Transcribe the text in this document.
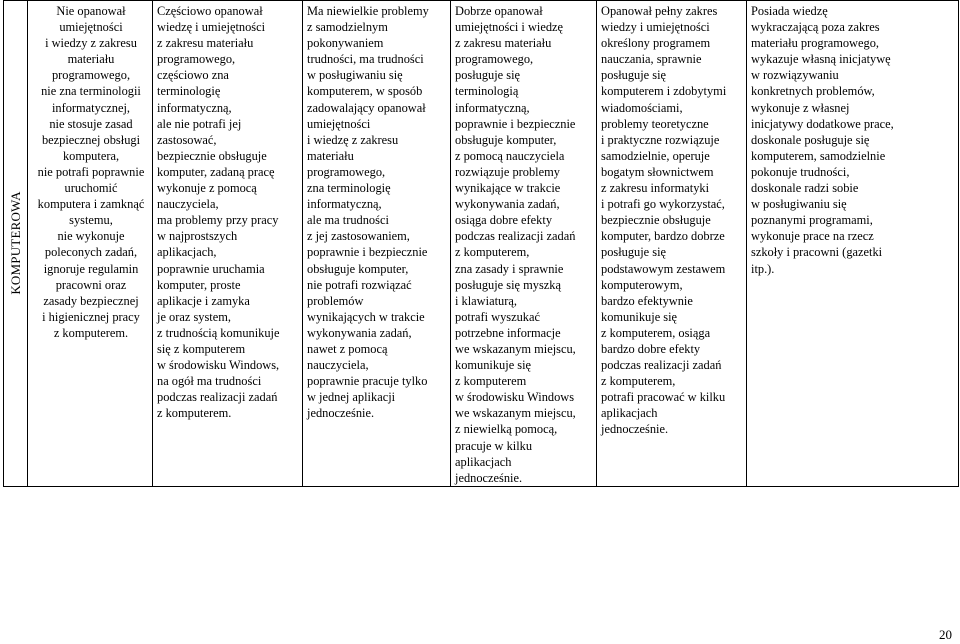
KOMPUTEROWA

Nie opanował
umiejętności
i wiedzy z zakresu
materiału
programowego,
nie zna terminologii
informatycznej,
nie stosuje zasad
bezpiecznej obsługi
komputera,
nie potrafi poprawnie
uruchomić
komputera i zamknąć
systemu,
nie wykonuje
poleconych zadań,
ignoruje regulamin
pracowni oraz
zasady bezpiecznej
i higienicznej pracy
z komputerem.

Częściowo opanował
wiedzę i umiejętności
z zakresu materiału
programowego,
częściowo zna
terminologię
informatyczną,
ale nie potrafi jej
zastosować,
bezpiecznie obsługuje
komputer, zadaną pracę
wykonuje z pomocą
nauczyciela,
ma problemy przy pracy
w najprostszych
aplikacjach,
poprawnie uruchamia
komputer, proste
aplikacje i zamyka
je oraz system,
z trudnością komunikuje
się z komputerem
w środowisku Windows,
na ogół ma trudności
podczas realizacji zadań
z komputerem.

Ma niewielkie problemy
z samodzielnym
pokonywaniem
trudności, ma trudności
w posługiwaniu się
komputerem, w sposób
zadowalający opanował
umiejętności
i wiedzę z zakresu
materiału
programowego,
zna terminologię
informatyczną,
ale ma trudności
z jej zastosowaniem,
poprawnie i bezpiecznie
obsługuje komputer,
nie potrafi rozwiązać
problemów
wynikających w trakcie
wykonywania zadań,
nawet z pomocą
nauczyciela,
poprawnie pracuje tylko
w jednej aplikacji
jednocześnie.

Dobrze opanował
umiejętności i wiedzę
z zakresu materiału
programowego,
posługuje się
terminologią
informatyczną,
poprawnie i bezpiecznie
obsługuje komputer,
z pomocą nauczyciela
rozwiązuje problemy
wynikające w trakcie
wykonywania zadań,
osiąga dobre efekty
podczas realizacji zadań
z komputerem,
zna zasady i sprawnie
posługuje się myszką
i klawiaturą,
potrafi wyszukać
potrzebne informacje
we wskazanym miejscu,
komunikuje się
z komputerem
w środowisku Windows
we wskazanym miejscu,
z niewielką pomocą,
pracuje w kilku
aplikacjach
jednocześnie.

Opanował pełny zakres
wiedzy i umiejętności
określony programem
nauczania, sprawnie
posługuje się
komputerem i zdobytymi
wiadomościami,
problemy teoretyczne
i praktyczne rozwiązuje
samodzielnie, operuje
bogatym słownictwem
z zakresu informatyki
i potrafi go wykorzystać,
bezpiecznie obsługuje
komputer, bardzo dobrze
posługuje się
podstawowym zestawem
komputerowym,
bardzo efektywnie
komunikuje się
z komputerem, osiąga
bardzo dobre efekty
podczas realizacji zadań
z komputerem,
potrafi pracować w kilku
aplikacjach
jednocześnie.

Posiada wiedzę
wykraczającą poza zakres
materiału programowego,
wykazuje własną inicjatywę
w rozwiązywaniu
konkretnych problemów,
wykonuje z własnej
inicjatywy dodatkowe prace,
doskonale posługuje się
komputerem, samodzielnie
pokonuje trudności,
doskonale radzi sobie
w posługiwaniu się
poznanymi programami,
wykonuje prace na rzecz
szkoły i pracowni (gazetki
itp.).
20
